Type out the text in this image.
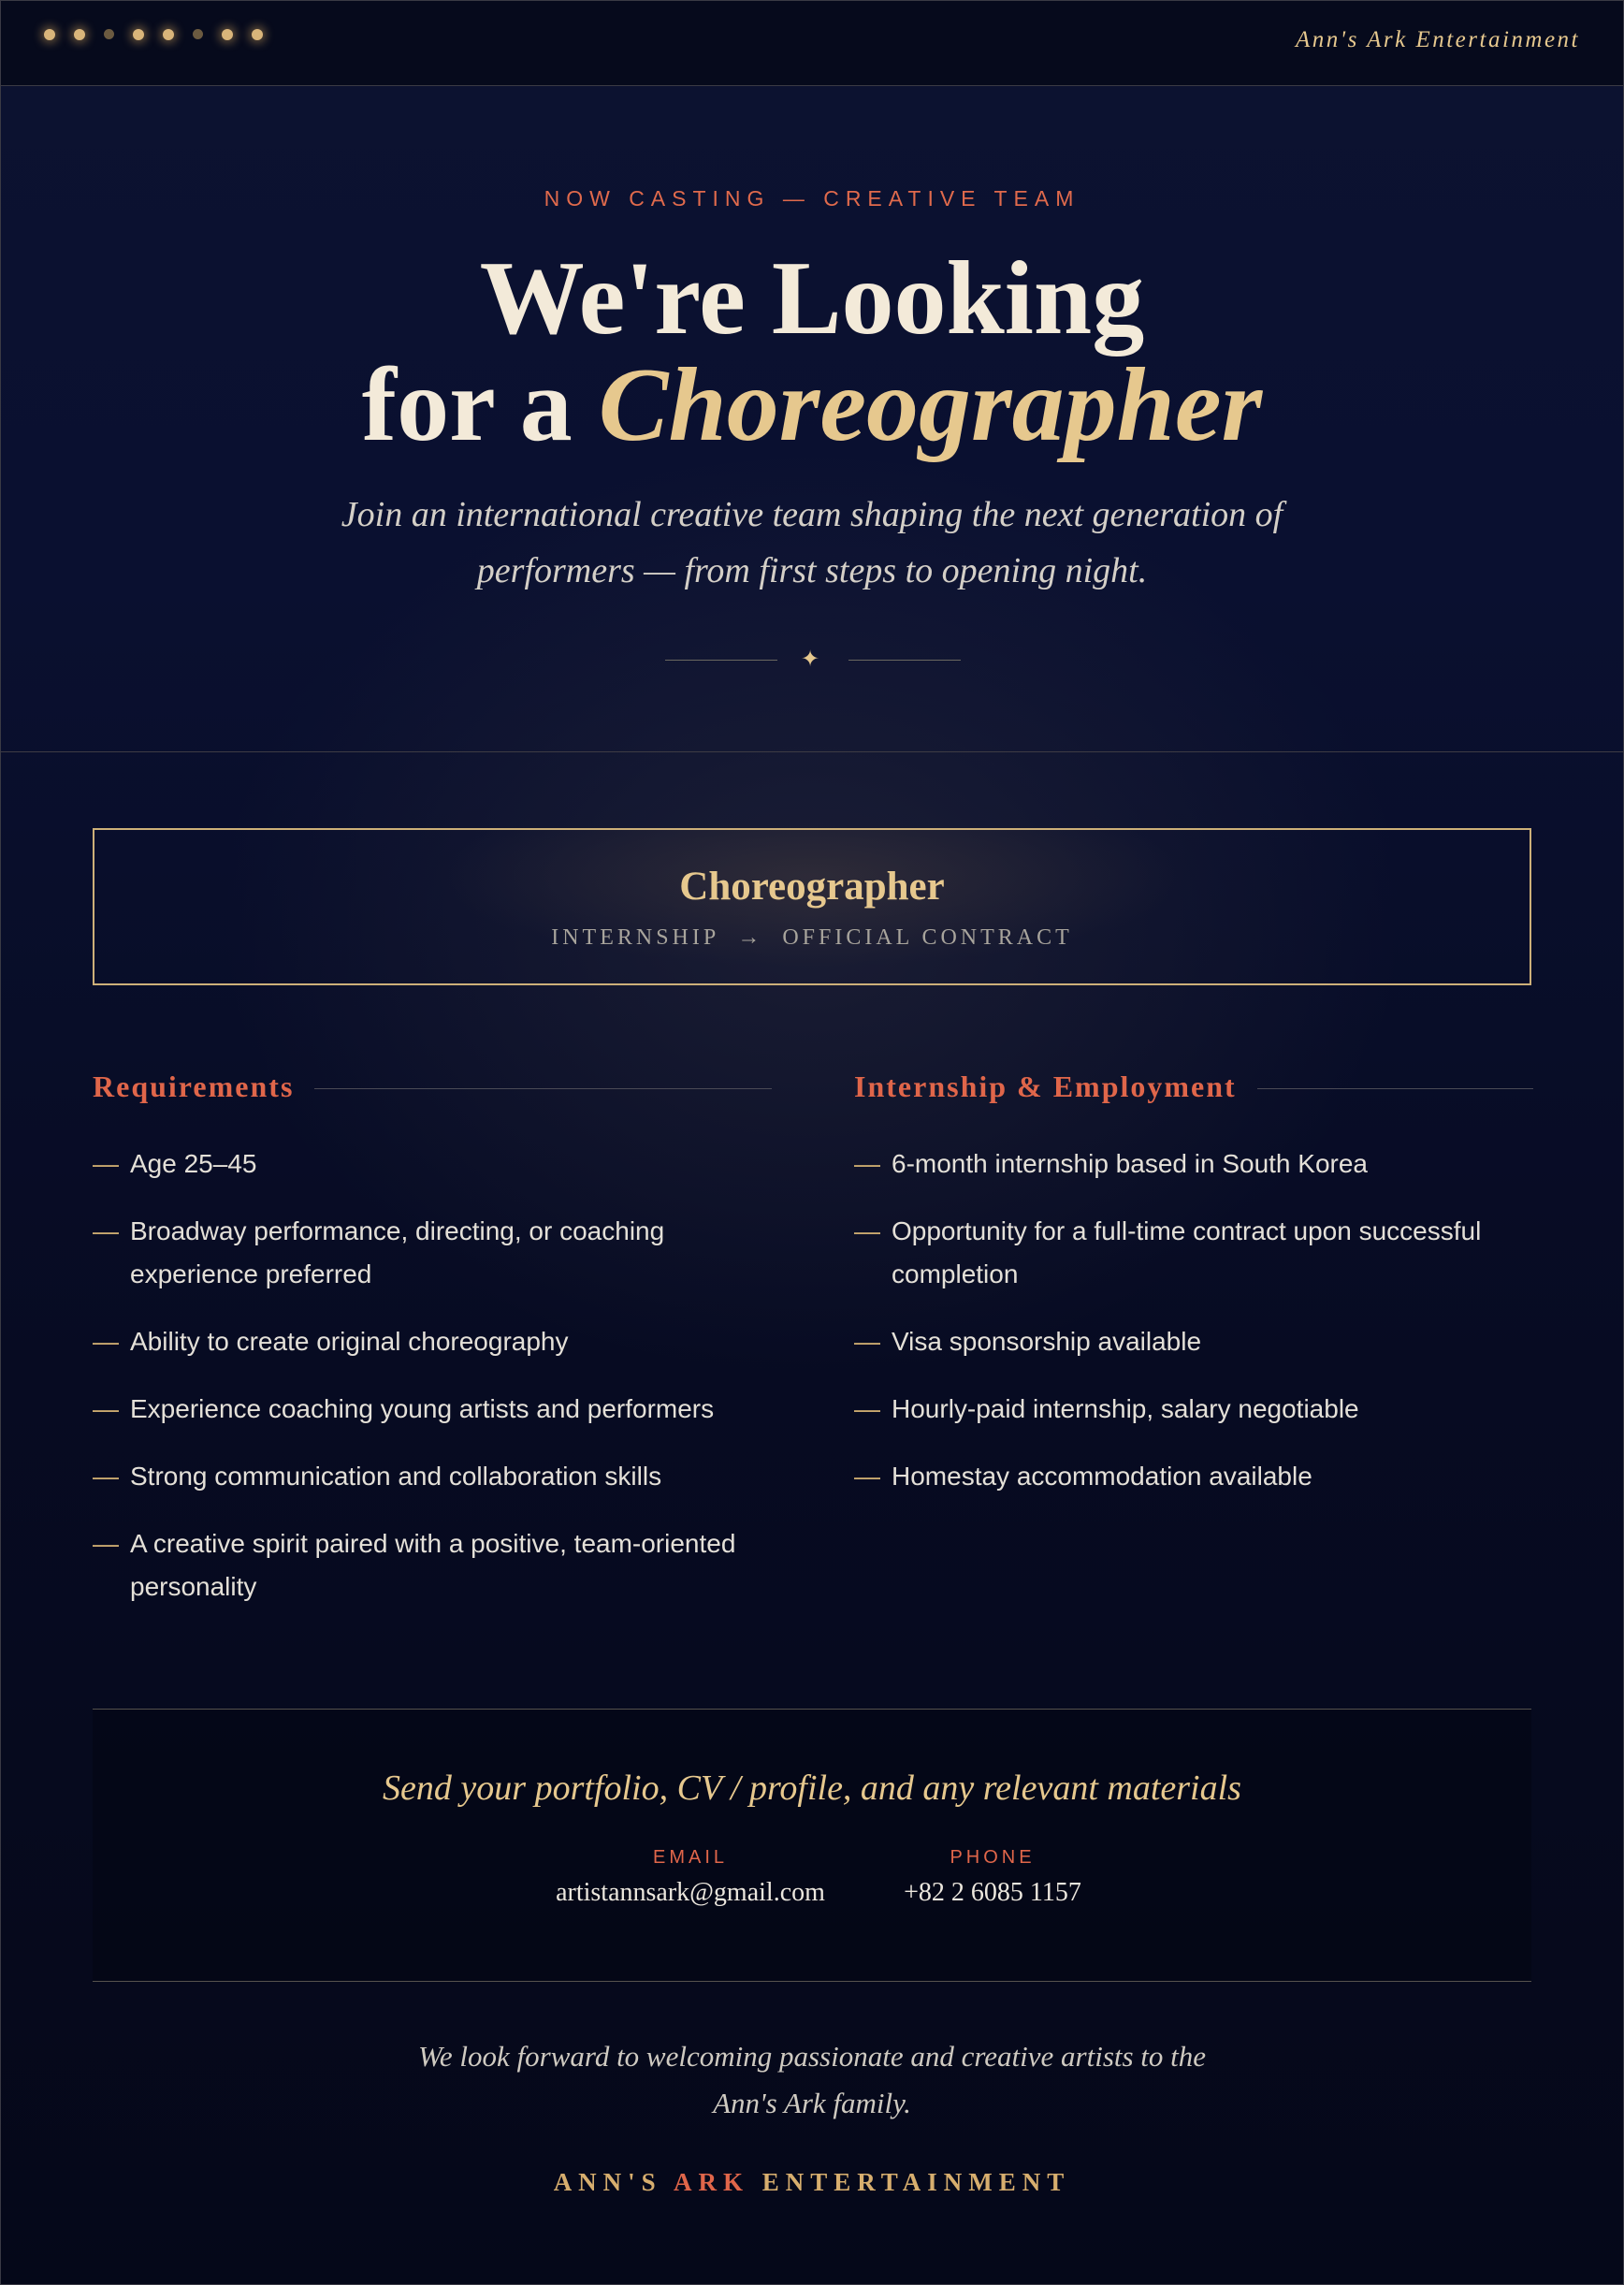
Ann's Ark Entertainment
NOW CASTING — CREATIVE TEAM
We're Looking
for a Choreographer
Join an international creative team shaping the next generation of performers — from first steps to opening night.
✦
Choreographer
INTERNSHIP → OFFICIAL CONTRACT
Requirements
— Age 25–45
— Broadway performance, directing, or coaching experience preferred
— Ability to create original choreography
— Experience coaching young artists and performers
— Strong communication and collaboration skills
— A creative spirit paired with a positive, team-oriented personality
Internship & Employment
— 6-month internship based in South Korea
— Opportunity for a full-time contract upon successful completion
— Visa sponsorship available
— Hourly-paid internship, salary negotiable
— Homestay accommodation available
Send your portfolio, CV / profile, and any relevant materials
EMAIL
artistannsark@gmail.com
PHONE
+82 2 6085 1157
We look forward to welcoming passionate and creative artists to the
Ann's Ark family.
ANN'S ARK ENTERTAINMENT
